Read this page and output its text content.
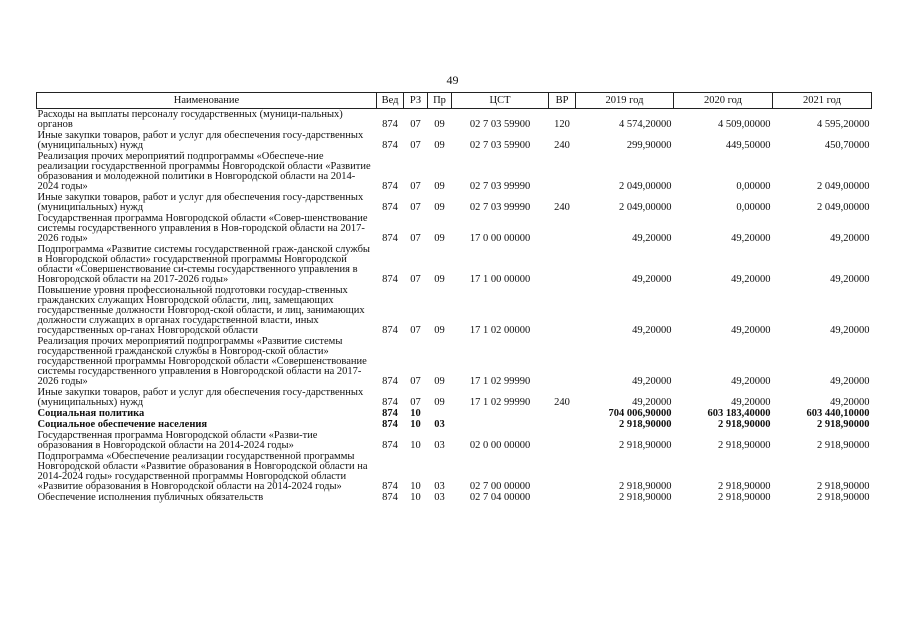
49
Наименование	Вед	РЗ	Пр	ЦСТ	ВР	2019 год	2020 год	2021 год
Расходы на выплаты персоналу государственных (муници-пальных) органов	874	07	09	02 7 03 59900	120	4 574,20000	4 509,00000	4 595,20000
Иные закупки товаров, работ и услуг для обеспечения госу-дарственных (муниципальных) нужд	874	07	09	02 7 03 59900	240	299,90000	449,50000	450,70000
Реализация прочих мероприятий подпрограммы «Обеспече-ние реализации государственной программы Новгородской области «Развитие образования и молодежной политики в Новгородской области на 2014-2024 годы»	874	07	09	02 7 03 99990		2 049,00000	0,00000	2 049,00000
Иные закупки товаров, работ и услуг для обеспечения госу-дарственных (муниципальных) нужд	874	07	09	02 7 03 99990	240	2 049,00000	0,00000	2 049,00000
Государственная программа Новгородской области «Совер-шенствование системы государственного управления в Нов-городской области на 2017-2026 годы»	874	07	09	17 0 00 00000		49,20000	49,20000	49,20000
Подпрограмма «Развитие системы государственной граж-данской службы в Новгородской области» государственной программы Новгородской области «Совершенствование си-стемы государственного управления в Новгородской области на 2017-2026 годы»	874	07	09	17 1 00 00000		49,20000	49,20000	49,20000
Повышение уровня профессиональной подготовки государ-ственных гражданских служащих Новгородской области, лиц, замещающих государственные должности Новгород-ской области, и лиц, занимающих должности служащих в органах государственной власти, иных государственных ор-ганах Новгородской области	874	07	09	17 1 02 00000		49,20000	49,20000	49,20000
Реализация прочих мероприятий подпрограммы «Развитие системы государственной гражданской службы в Новгород-ской области» государственной программы Новгородской области «Совершенствование системы государственного управления в Новгородской области на 2017-2026 годы»	874	07	09	17 1 02 99990		49,20000	49,20000	49,20000
Иные закупки товаров, работ и услуг для обеспечения госу-дарственных (муниципальных) нужд	874	07	09	17 1 02 99990	240	49,20000	49,20000	49,20000
Социальная политика	874	10				704 006,90000	603 183,40000	603 440,10000
Социальное обеспечение населения	874	10	03			2 918,90000	2 918,90000	2 918,90000
Государственная программа Новгородской области «Разви-тие образования в Новгородской области на 2014-2024 годы»	874	10	03	02 0 00 00000		2 918,90000	2 918,90000	2 918,90000
Подпрограмма «Обеспечение реализации государственной программы Новгородской области «Развитие образования в Новгородской области на 2014-2024 годы» государственной программы Новгородской области «Развитие образования в Новгородской области на 2014-2024 годы»	874	10	03	02 7 00 00000		2 918,90000	2 918,90000	2 918,90000
Обеспечение исполнения публичных обязательств	874	10	03	02 7 04 00000		2 918,90000	2 918,90000	2 918,90000
